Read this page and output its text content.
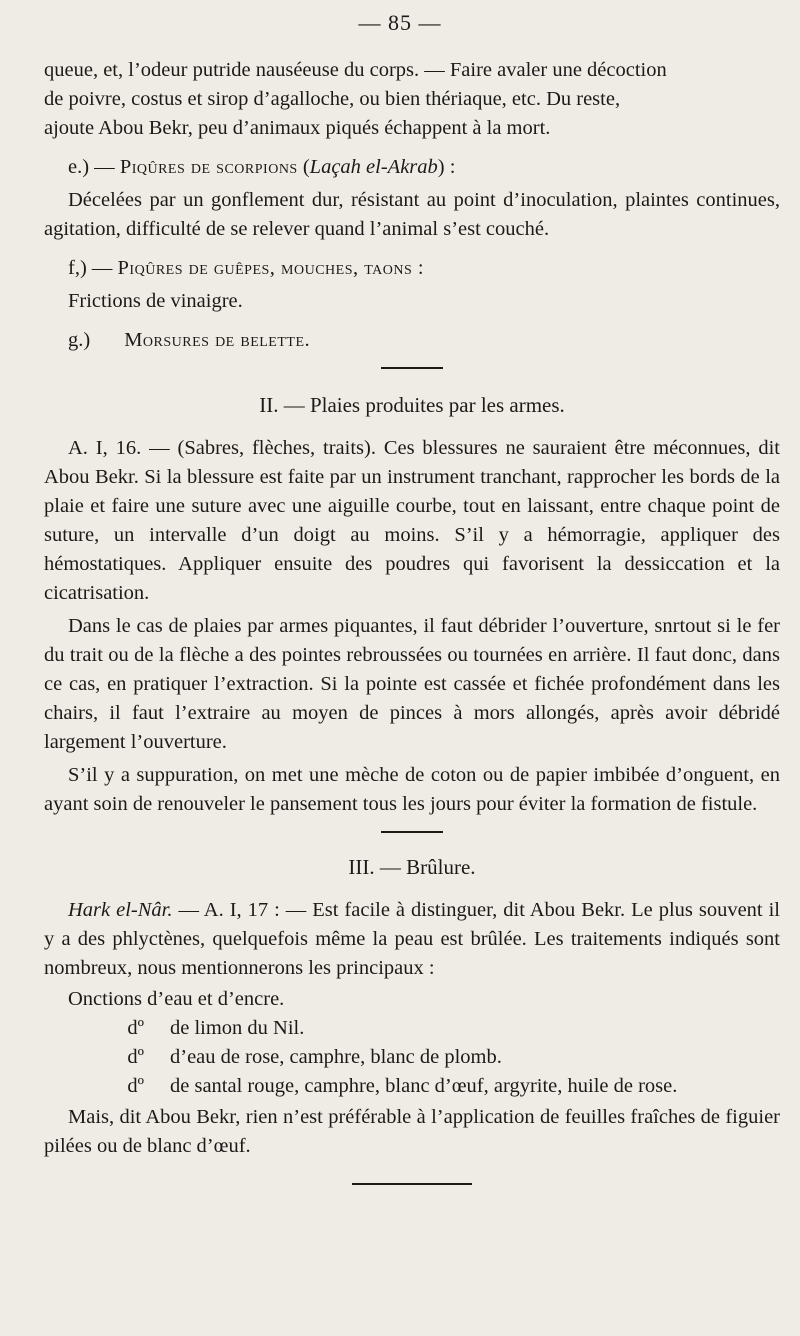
— 85 —

queue, et, l’odeur putride nauséeuse du corps. — Faire avaler une décoction
de poivre, costus et sirop d’agalloche, ou bien thériaque, etc. Du reste,
ajoute Abou Bekr, peu d’animaux piqués échappent à la mort.

e.) — Piqûres de scorpions (Laçah el-Akrab) :

Décelées par un gonflement dur, résistant au point d’inoculation, plaintes continues, agitation, difficulté de se relever quand l’animal s’est couché.

f,) — Piqûres de guêpes, mouches, taons :

Frictions de vinaigre.

g.) Morsures de belette.

II. — Plaies produites par les armes.

A. I, 16. — (Sabres, flèches, traits). Ces blessures ne sauraient être méconnues, dit Abou Bekr. Si la blessure est faite par un instrument tranchant, rapprocher les bords de la plaie et faire une suture avec une aiguille courbe, tout en laissant, entre chaque point de suture, un intervalle d’un doigt au moins. S’il y a hémorragie, appliquer des hémostatiques. Appliquer ensuite des poudres qui favorisent la dessiccation et la cicatrisation.

Dans le cas de plaies par armes piquantes, il faut débrider l’ouverture, snrtout si le fer du trait ou de la flèche a des pointes rebroussées ou tournées en arrière. Il faut donc, dans ce cas, en pratiquer l’extraction. Si la pointe est cassée et fichée profondément dans les chairs, il faut l’extraire au moyen de pinces à mors allongés, après avoir débridé largement l’ouverture.

S’il y a suppuration, on met une mèche de coton ou de papier imbibée d’onguent, en ayant soin de renouveler le pansement tous les jours pour éviter la formation de fistule.

III. — Brûlure.

Hark el-Nâr. — A. I, 17 : — Est facile à distinguer, dit Abou Bekr. Le plus souvent il y a des phlyctènes, quelquefois même la peau est brûlée. Les traitements indiqués sont nombreux, nous mentionnerons les principaux :

Onctions d’eau et d’encre.

dº	de limon du Nil.
dº	d’eau de rose, camphre, blanc de plomb.
dº	de santal rouge, camphre, blanc d’œuf, argyrite, huile de rose.

Mais, dit Abou Bekr, rien n’est préférable à l’application de feuilles fraîches de figuier pilées ou de blanc d’œuf.
